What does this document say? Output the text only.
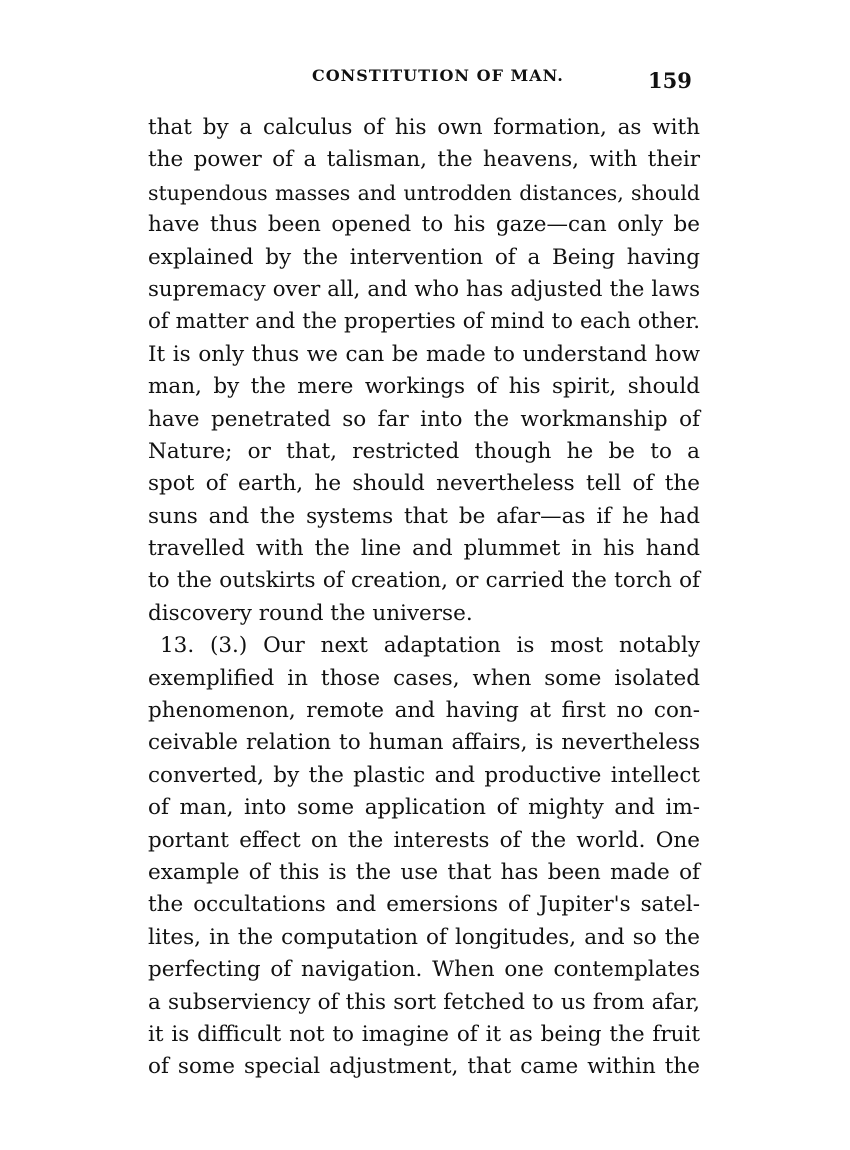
CONSTITUTION OF MAN.	159
that by a calculus of his own formation, as with
the power of a talisman, the heavens, with their
stupendous masses and untrodden distances, should
have thus been opened to his gaze—can only be
explained by the intervention of a Being having
supremacy over all, and who has adjusted the laws
of matter and the properties of mind to each other.
It is only thus we can be made to understand how
man, by the mere workings of his spirit, should
have penetrated so far into the workmanship of
Nature; or that, restricted though he be to a
spot of earth, he should nevertheless tell of the
suns and the systems that be afar—as if he had
travelled with the line and plummet in his hand
to the outskirts of creation, or carried the torch of
discovery round the universe.
13. (3.) Our next adaptation is most notably
exemplified in those cases, when some isolated
phenomenon, remote and having at first no con-
ceivable relation to human affairs, is nevertheless
converted, by the plastic and productive intellect
of man, into some application of mighty and im-
portant effect on the interests of the world. One
example of this is the use that has been made of
the occultations and emersions of Jupiter's satel-
lites, in the computation of longitudes, and so the
perfecting of navigation. When one contemplates
a subserviency of this sort fetched to us from afar,
it is difficult not to imagine of it as being the fruit
of some special adjustment, that came within the
